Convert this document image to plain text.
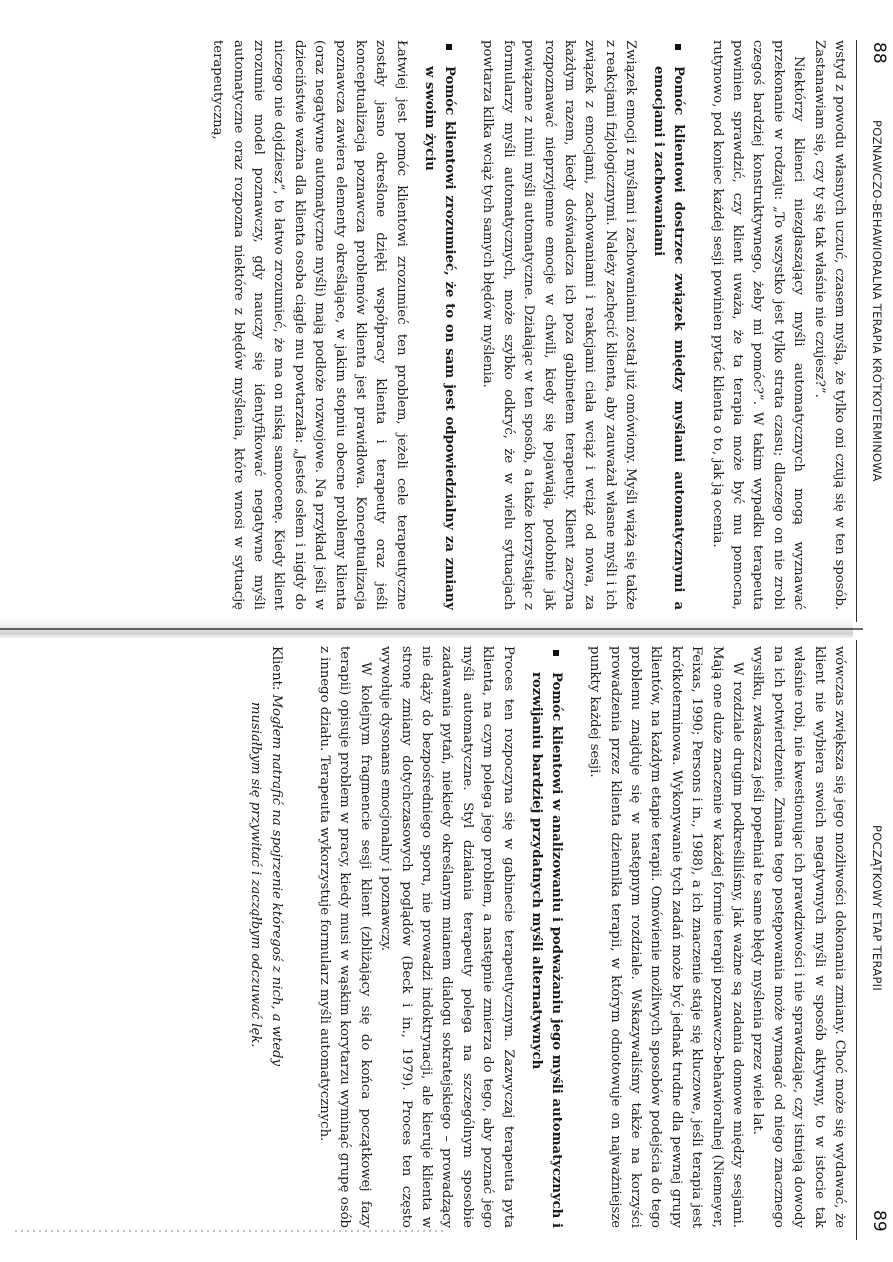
88
POZNAWCZO-BEHAWIORALNA TERAPIA KRÓTKOTERMINOWA

wstyd z powodu własnych uczuć, czasem myślą, że tylko oni czują się w ten sposób. Zastanawiam się, czy ty się tak właśnie nie czujesz?”.

Niektórzy klienci niezgłaszający myśli automatycznych mogą wyznawać przekonanie w rodzaju: „To wszystko jest tylko strata czasu; dlaczego on nie zrobi czegoś bardziej konstruktywnego, żeby mi pomóc?”. W takim wypadku terapeuta powinien sprawdzić, czy klient uważa, że ta terapia może być mu pomocna, rutynowo, pod koniec każdej sesji powinien pytać klienta o to, jak ją ocenia.

Pomóc klientowi dostrzec związek między myślami automatycznymi a emocjami i zachowaniami

Związek emocji z myślami i zachowaniami został już omówiony. Myśli wiążą się także z reakcjami fizjologicznymi. Należy zachęcić klienta, aby zauważał własne myśli i ich związek z emocjami, zachowaniami i reakcjami ciała wciąż i wciąż od nowa, za każdym razem, kiedy doświadcza ich poza gabinetem terapeuty. Klient zaczyna rozpoznawać nieprzyjemne emocje w chwili, kiedy się pojawiają, podobnie jak powiązane z nimi myśli automatyczne. Działając w ten sposób, a także korzystając z formularzy myśli automatycznych, może szybko odkryć, że w wielu sytuacjach powtarza kilka wciąż tych samych błędów myślenia.

Pomóc klientowi zrozumieć, że to on sam jest odpowiedzialny za zmiany w swoim życiu

Łatwiej jest pomóc klientowi zrozumieć ten problem, jeżeli cele terapeutyczne zostały jasno określone dzięki współpracy klienta i terapeuty oraz jeśli konceptualizacja poznawcza problemów klienta jest prawidłowa. Konceptualizacja poznawcza zawiera elementy określające, w jakim stopniu obecne problemy klienta (oraz negatywne automatyczne myśli) mają podłoże rozwojowe. Na przykład jeśli w dzieciństwie ważna dla klienta osoba ciągle mu powtarzała: „Jesteś osłem i nigdy do niczego nie dojdziesz”, to łatwo zrozumieć, że ma on niską samoocenę. Kiedy klient zrozumie model poznawczy, gdy nauczy się identyfikować negatywne myśli automatyczne oraz rozpozna niektóre z błędów myślenia, które wnosi w sytuację terapeutyczną,

POCZĄTKOWY ETAP TERAPII
89

wówczas zwiększa się jego możliwości dokonania zmiany. Choć może się wydawać, że klient nie wybiera swoich negatywnych myśli w sposób aktywny, to w istocie tak właśnie robi, nie kwestionując ich prawdziwości i nie sprawdzając, czy istnieją dowody na ich potwierdzenie. Zmiana tego postępowania może wymagać od niego znacznego wysiłku, zwłaszcza jeśli popełniał te same błędy myślenia przez wiele lat.

W rozdziale drugim podkreśliliśmy, jak ważne są zadania domowe między sesjami. Mają one duże znaczenie w każdej formie terapii poznawczo-behawioralnej (Niemeyer, Feixas, 1990; Persons i in., 1988), a ich znaczenie staje się kluczowe, jeśli terapia jest krótkoterminowa. Wykonywanie tych zadań może być jednak trudne dla pewnej grupy klientów, na każdym etapie terapii. Omówienie możliwych sposobów podejścia do tego problemu znajduje się w następnym rozdziale. Wskazywaliśmy także na korzyści prowadzenia przez klienta dziennika terapii, w którym odnotowuje on najważniejsze punkty każdej sesji.

Pomóc klientowi w analizowaniu i podważaniu jego myśli automatycznych i rozwijaniu bardziej przydatnych myśli alternatywnych

Proces ten rozpoczyna się w gabinecie terapeutycznym. Zazwyczaj terapeuta pyta klienta, na czym polega jego problem, a następnie zmierza do tego, aby poznać jego myśli automatyczne. Styl działania terapeuty polega na szczególnym sposobie zadawania pytań, niekiedy określanym mianem dialogu sokratejskiego – prowadzący nie dąży do bezpośredniego sporu, nie prowadzi indoktrynacji, ale kieruje klienta w stronę zmiany dotychczasowych poglądów (Beck i in., 1979). Proces ten często wywołuje dysonans emocjonalny i poznawczy.

W kolejnym fragmencie sesji klient (zbliżający się do końca początkowej fazy terapii) opisuje problem w pracy, kiedy musi w wąskim korytarzu wyminąć grupę osób z innego działu. Terapeuta wykorzystuje formularz myśli automatycznych.

Klient: Mogłem natrafić na spojrzenie któregoś z nich, a wtedy
musiałbym się przywitać i zacząłbym odczuwać lęk.
